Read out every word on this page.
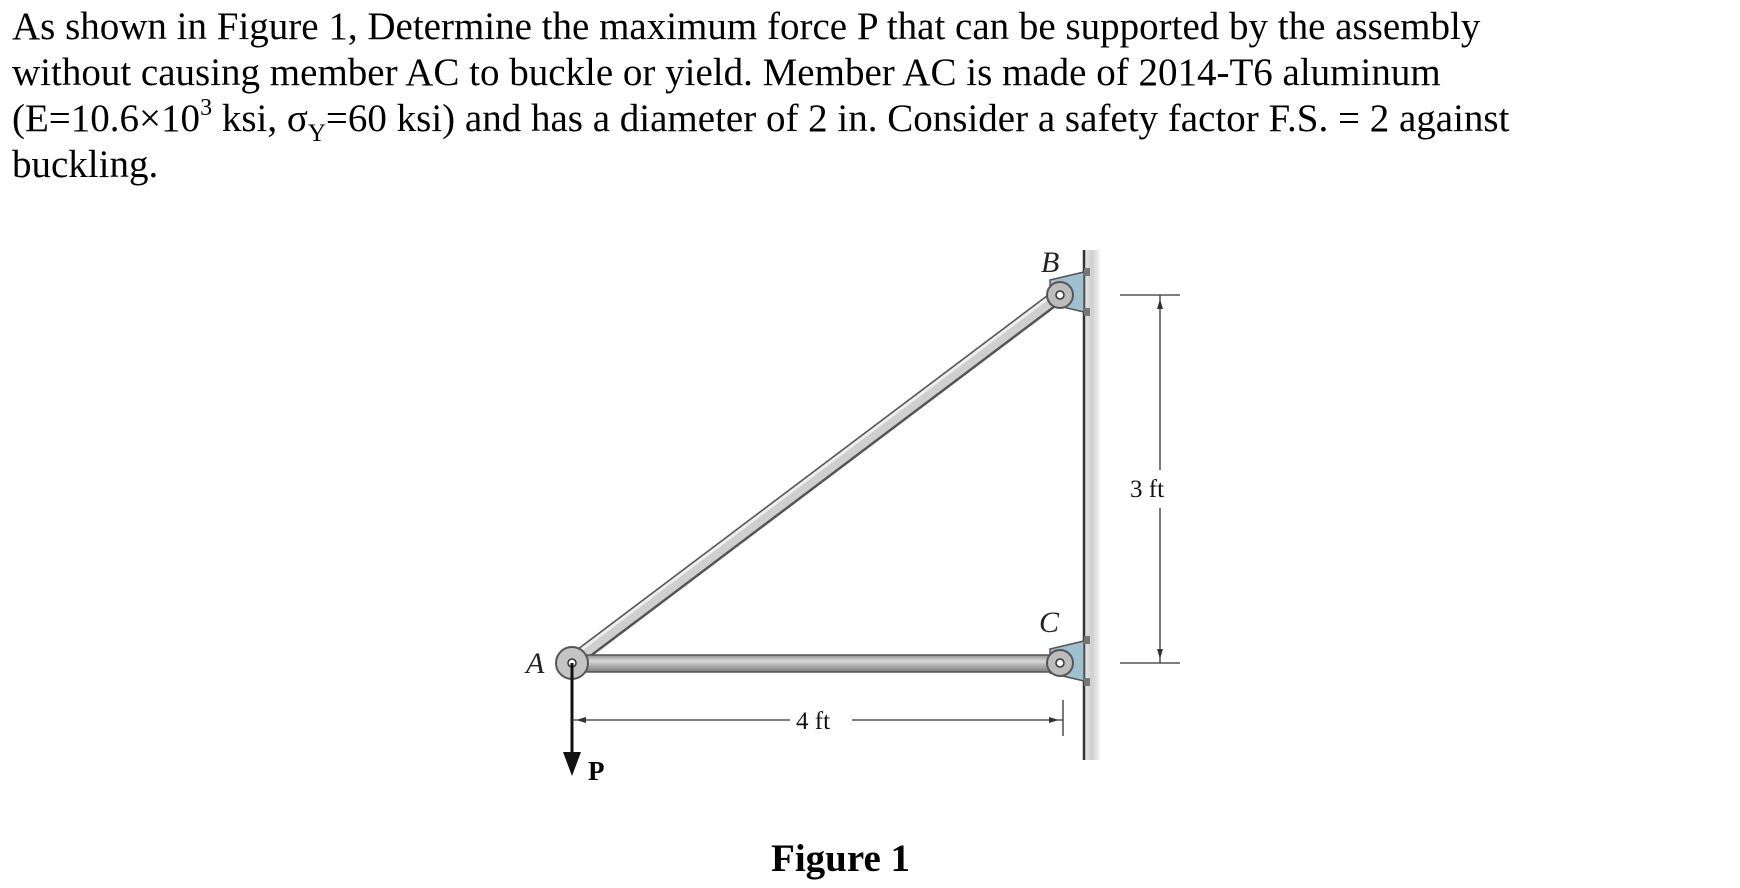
As shown in Figure 1, Determine the maximum force P that can be supported by the assembly
without causing member AC to buckle or yield. Member AC is made of 2014-T6 aluminum
($E=10.6\times 10^3$ ksi, $\sigma_Y=60$ ksi) and has a diameter of 2 in. Consider a safety factor F.S. = 2 against
buckling.

A
B
C
P
4 ft
3 ft

Figure 1
